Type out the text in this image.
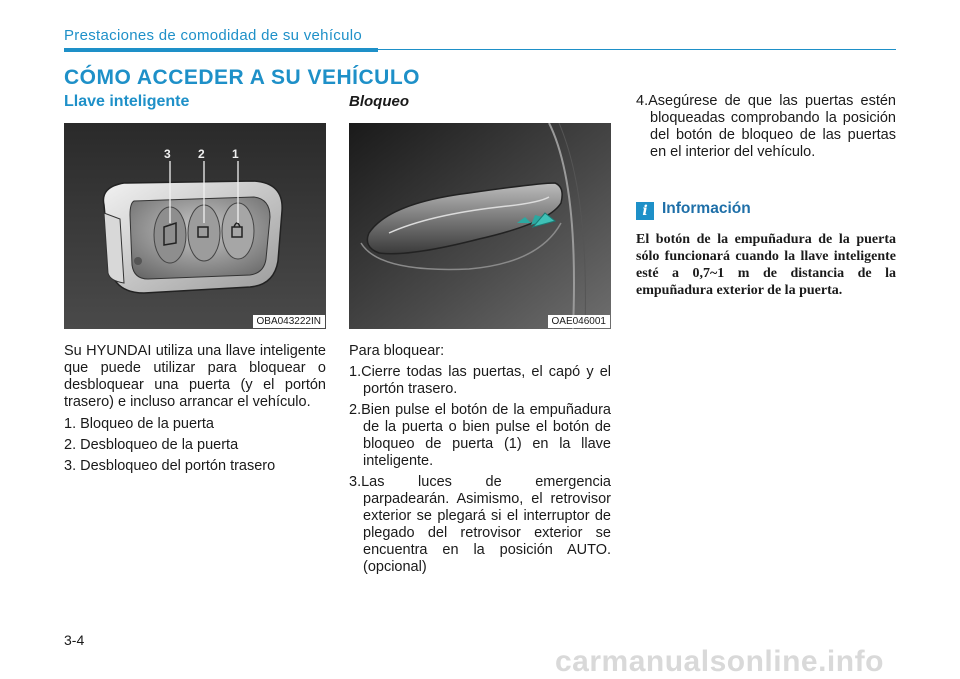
Prestaciones de comodidad de su vehículo
CÓMO ACCEDER A SU VEHÍCULO
Llave inteligente
3 2 1
OBA043222IN

Su HYUNDAI utiliza una llave inteligente que puede utilizar para bloquear o desbloquear una puerta (y el portón trasero) e incluso arrancar el vehículo.

1. Bloqueo de la puerta

2. Desbloqueo de la puerta

3. Desbloqueo del portón trasero

Bloqueo
OAE046001

Para bloquear:

1.Cierre todas las puertas, el capó y el portón trasero.

2.Bien pulse el botón de la empuñadura de la puerta o bien pulse el botón de bloqueo de puerta (1) en la llave inteligente.

3.Las luces de emergencia parpadearán. Asimismo, el retrovisor exterior se plegará si el interruptor de plegado del retrovisor exterior se encuentra en la posición AUTO. (opcional)

4.Asegúrese de que las puertas estén bloqueadas comprobando la posición del botón de bloqueo de las puertas en el interior del vehículo.

i Información

El botón de la empuñadura de la puerta sólo funcionará cuando la llave inteligente esté a 0,7~1 m de distancia de la empuñadura exterior de la puerta.

3-4
carmanualsonline.info
